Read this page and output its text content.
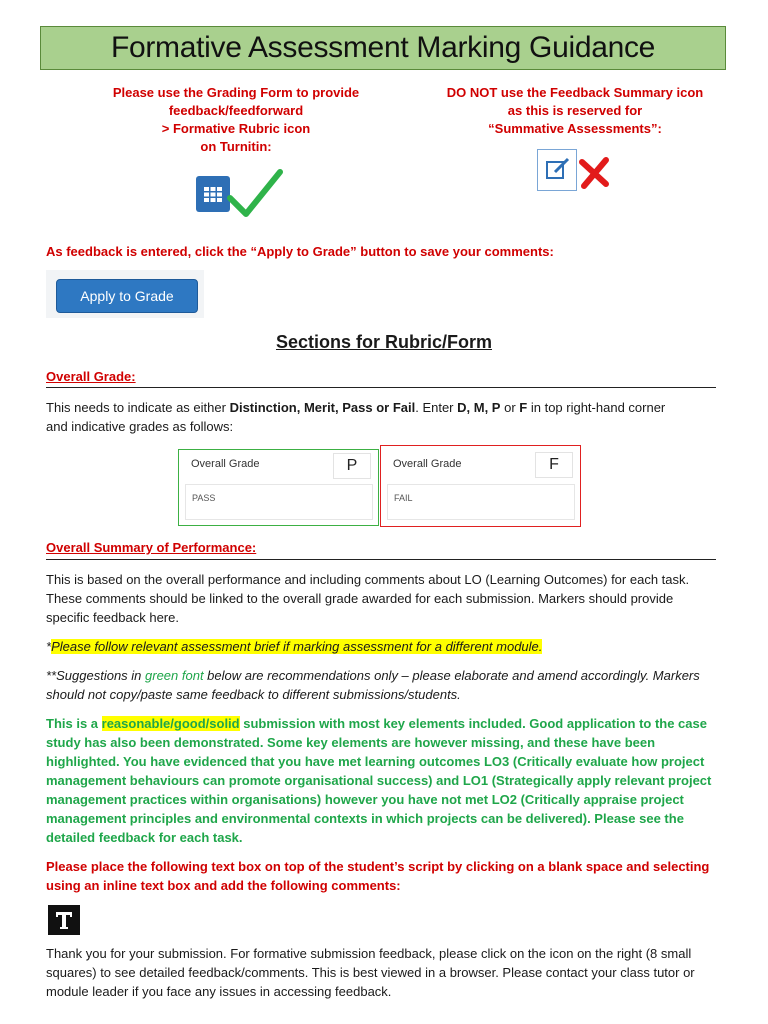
Formative Assessment Marking Guidance
Please use the Grading Form to provide
feedback/feedforward
> Formative Rubric icon
on Turnitin:
DO NOT use the Feedback Summary icon
as this is reserved for
“Summative Assessments”:
As feedback is entered, click the “Apply to Grade” button to save your comments:
Apply to Grade
Sections for Rubric/Form
Overall Grade:
This needs to indicate as either Distinction, Merit, Pass or Fail. Enter D, M, P or F in top right-hand corner
and indicative grades as follows:
Overall Grade	P
PASS
Overall Grade	F
FAIL
Overall Summary of Performance:
This is based on the overall performance and including comments about LO (Learning Outcomes) for each task. These comments should be linked to the overall grade awarded for each submission. Markers should provide specific feedback here.
*Please follow relevant assessment brief if marking assessment for a different module.
**Suggestions in green font below are recommendations only – please elaborate and amend accordingly. Markers should not copy/paste same feedback to different submissions/students.
This is a reasonable/good/solid submission with most key elements included. Good application to the case study has also been demonstrated. Some key elements are however missing, and these have been highlighted. You have evidenced that you have met learning outcomes LO3 (Critically evaluate how project management behaviours can promote organisational success) and LO1 (Strategically apply relevant project management practices within organisations) however you have not met LO2 (Critically appraise project management principles and environmental contexts in which projects can be delivered). Please see the detailed feedback for each task.
Please place the following text box on top of the student’s script by clicking on a blank space and selecting using an inline text box and add the following comments:
Thank you for your submission. For formative submission feedback, please click on the icon on the right (8 small squares) to see detailed feedback/comments. This is best viewed in a browser. Please contact your class tutor or module leader if you face any issues in accessing feedback.
